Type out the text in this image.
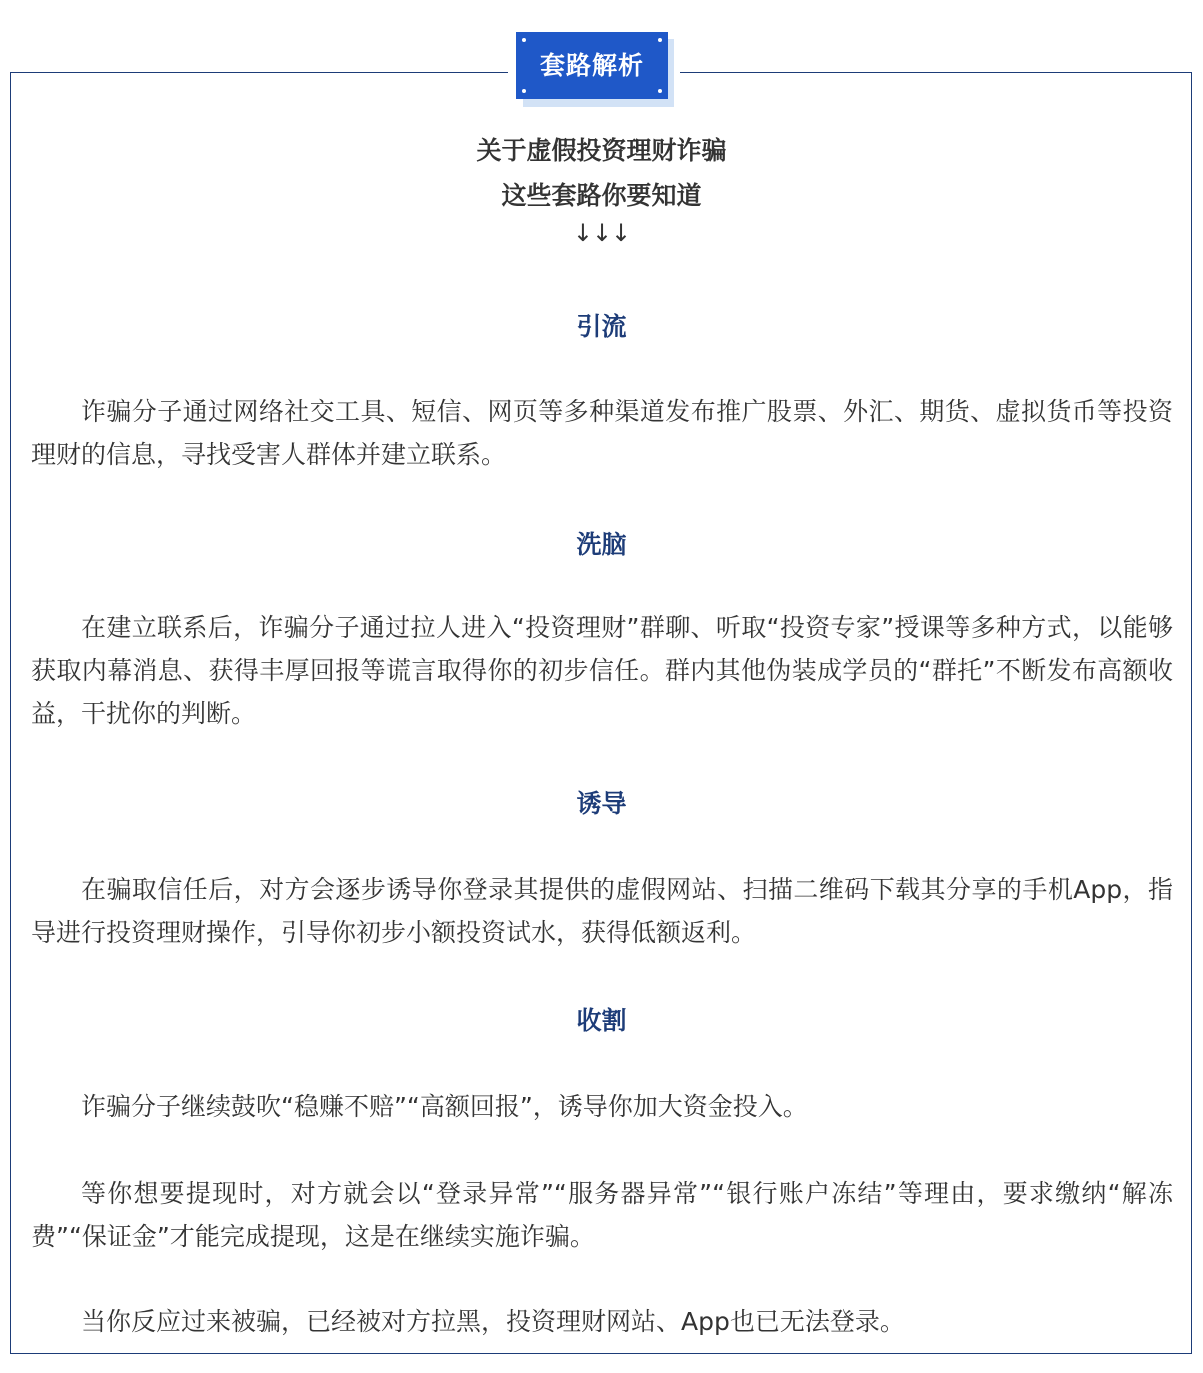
套路解析
关于虚假投资理财诈骗
这些套路你要知道
↓↓↓
引流
诈骗分子通过网络社交工具、短信、网页等多种渠道发布推广股票、外汇、期货、虚拟货币等投资理财的信息，寻找受害人群体并建立联系。
洗脑
在建立联系后，诈骗分子通过拉人进入“投资理财”群聊、听取“投资专家”授课等多种方式，以能够获取内幕消息、获得丰厚回报等谎言取得你的初步信任。群内其他伪装成学员的“群托”不断发布高额收益，干扰你的判断。
诱导
在骗取信任后，对方会逐步诱导你登录其提供的虚假网站、扫描二维码下载其分享的手机App，指导进行投资理财操作，引导你初步小额投资试水，获得低额返利。
收割
诈骗分子继续鼓吹“稳赚不赔”“高额回报”，诱导你加大资金投入。
等你想要提现时，对方就会以“登录异常”“服务器异常”“银行账户冻结”等理由，要求缴纳“解冻费”“保证金”才能完成提现，这是在继续实施诈骗。
当你反应过来被骗，已经被对方拉黑，投资理财网站、App也已无法登录。
